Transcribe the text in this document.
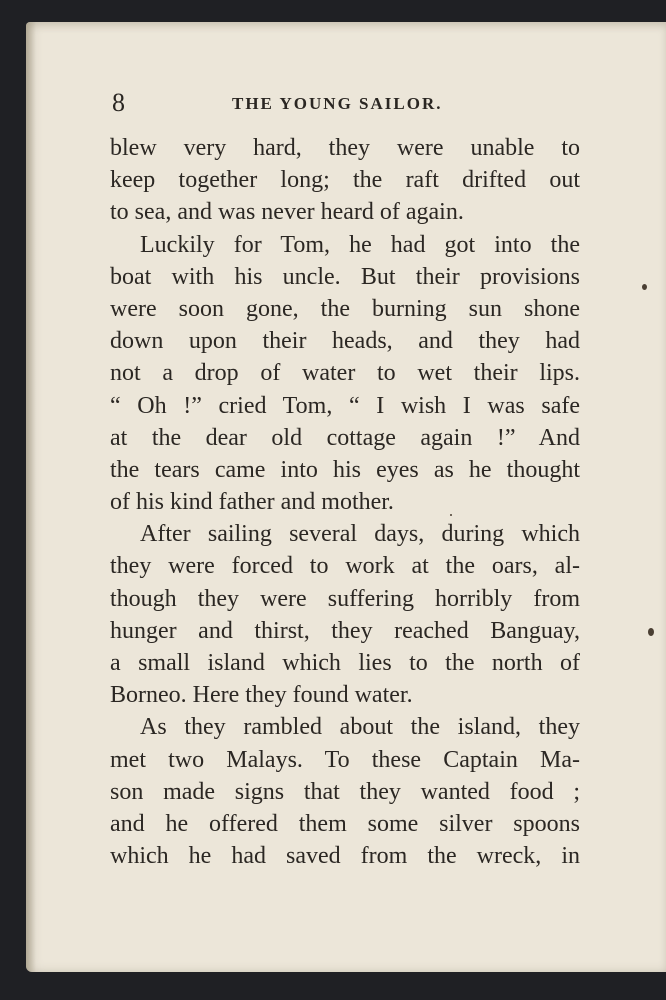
8	THE YOUNG SAILOR.
blew very hard, they were unable to
keep together long; the raft drifted out
to sea, and was never heard of again.
Luckily for Tom, he had got into the
boat with his uncle. But their provisions
were soon gone, the burning sun shone
down upon their heads, and they had
not a drop of water to wet their lips.
“ Oh !” cried Tom, “ I wish I was safe
at the dear old cottage again !” And
the tears came into his eyes as he thought
of his kind father and mother.
After sailing several days, during which
they were forced to work at the oars, al-
though they were suffering horribly from
hunger and thirst, they reached Banguay,
a small island which lies to the north of
Borneo. Here they found water.
As they rambled about the island, they
met two Malays. To these Captain Ma-
son made signs that they wanted food ;
and he offered them some silver spoons
which he had saved from the wreck, in
